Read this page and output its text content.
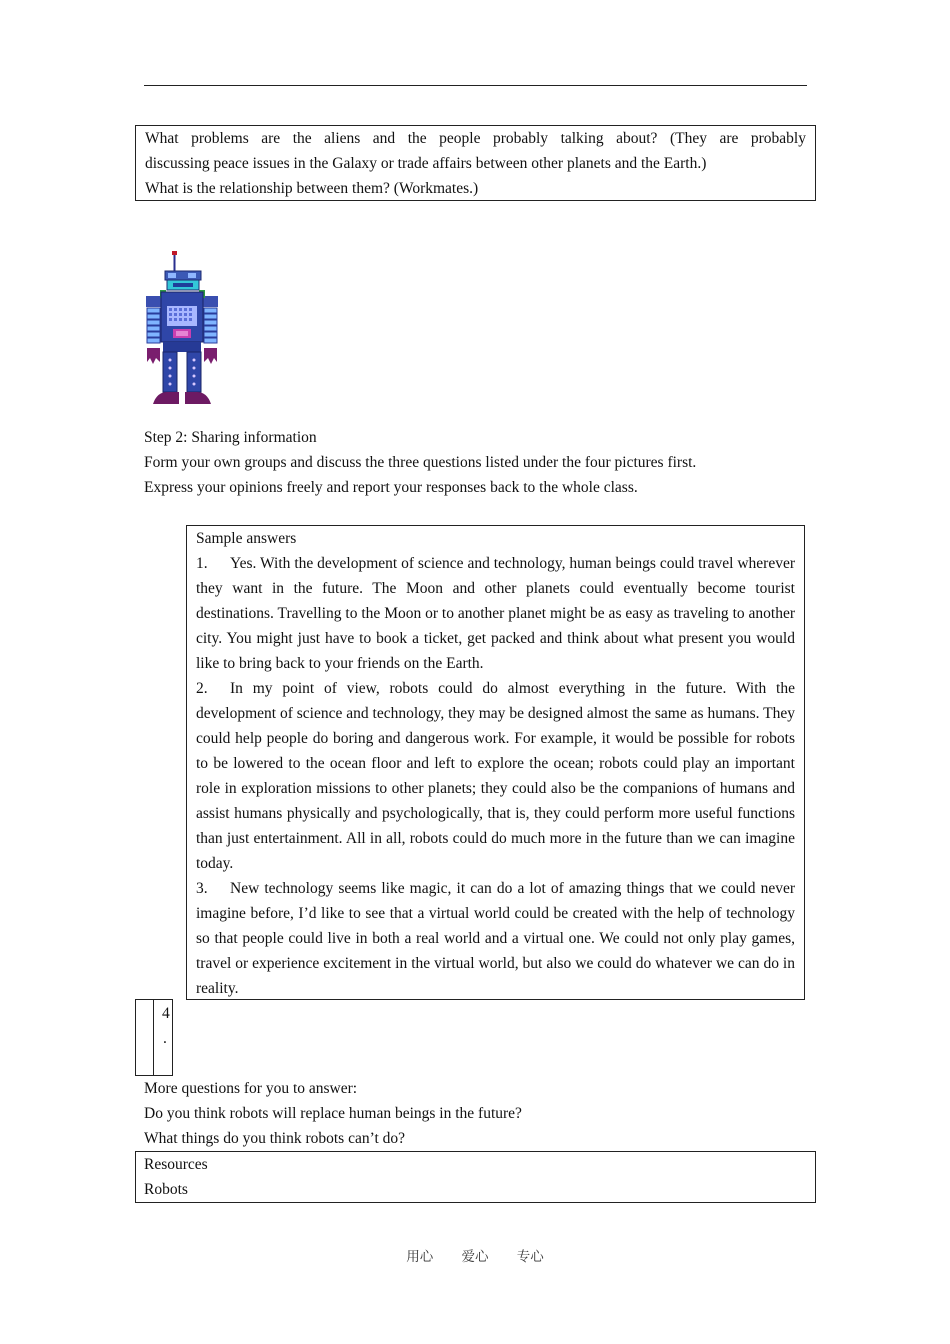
What problems are the aliens and the people probably talking about? (They are probably

discussing peace issues in the Galaxy or trade affairs between other planets and the Earth.)

What is the relationship between them? (Workmates.)

Step 2: Sharing information

Form your own groups and discuss the three questions listed under the four pictures first.

Express your opinions freely and report your responses back to the whole class.

Sample answers

1. Yes. With the development of science and technology, human beings could travel wherever they want in the future. The Moon and other planets could eventually become tourist destinations. Travelling to the Moon or to another planet might be as easy as traveling to another city. You might just have to book a ticket, get packed and think about what present you would like to bring back to your friends on the Earth.

2. In my point of view, robots could do almost everything in the future. With the development of science and technology, they may be designed almost the same as humans. They could help people do boring and dangerous work. For example, it would be possible for robots to be lowered to the ocean floor and left to explore the ocean; robots could play an important role in exploration missions to other planets; they could also be the companions of humans and assist humans physically and psychologically, that is, they could perform more useful functions than just entertainment. All in all, robots could do much more in the future than we can imagine today.

3. New technology seems like magic, it can do a lot of amazing things that we could never imagine before, I’d like to see that a virtual world could be created with the help of technology so that people could live in both a real world and a virtual one. We could not only play games, travel or experience excitement in the virtual world, but also we could do whatever we can do in reality.

4
.

More questions for you to answer:

Do you think robots will replace human beings in the future?

What things do you think robots can’t do?

Resources

Robots

用心 爱心 专心
